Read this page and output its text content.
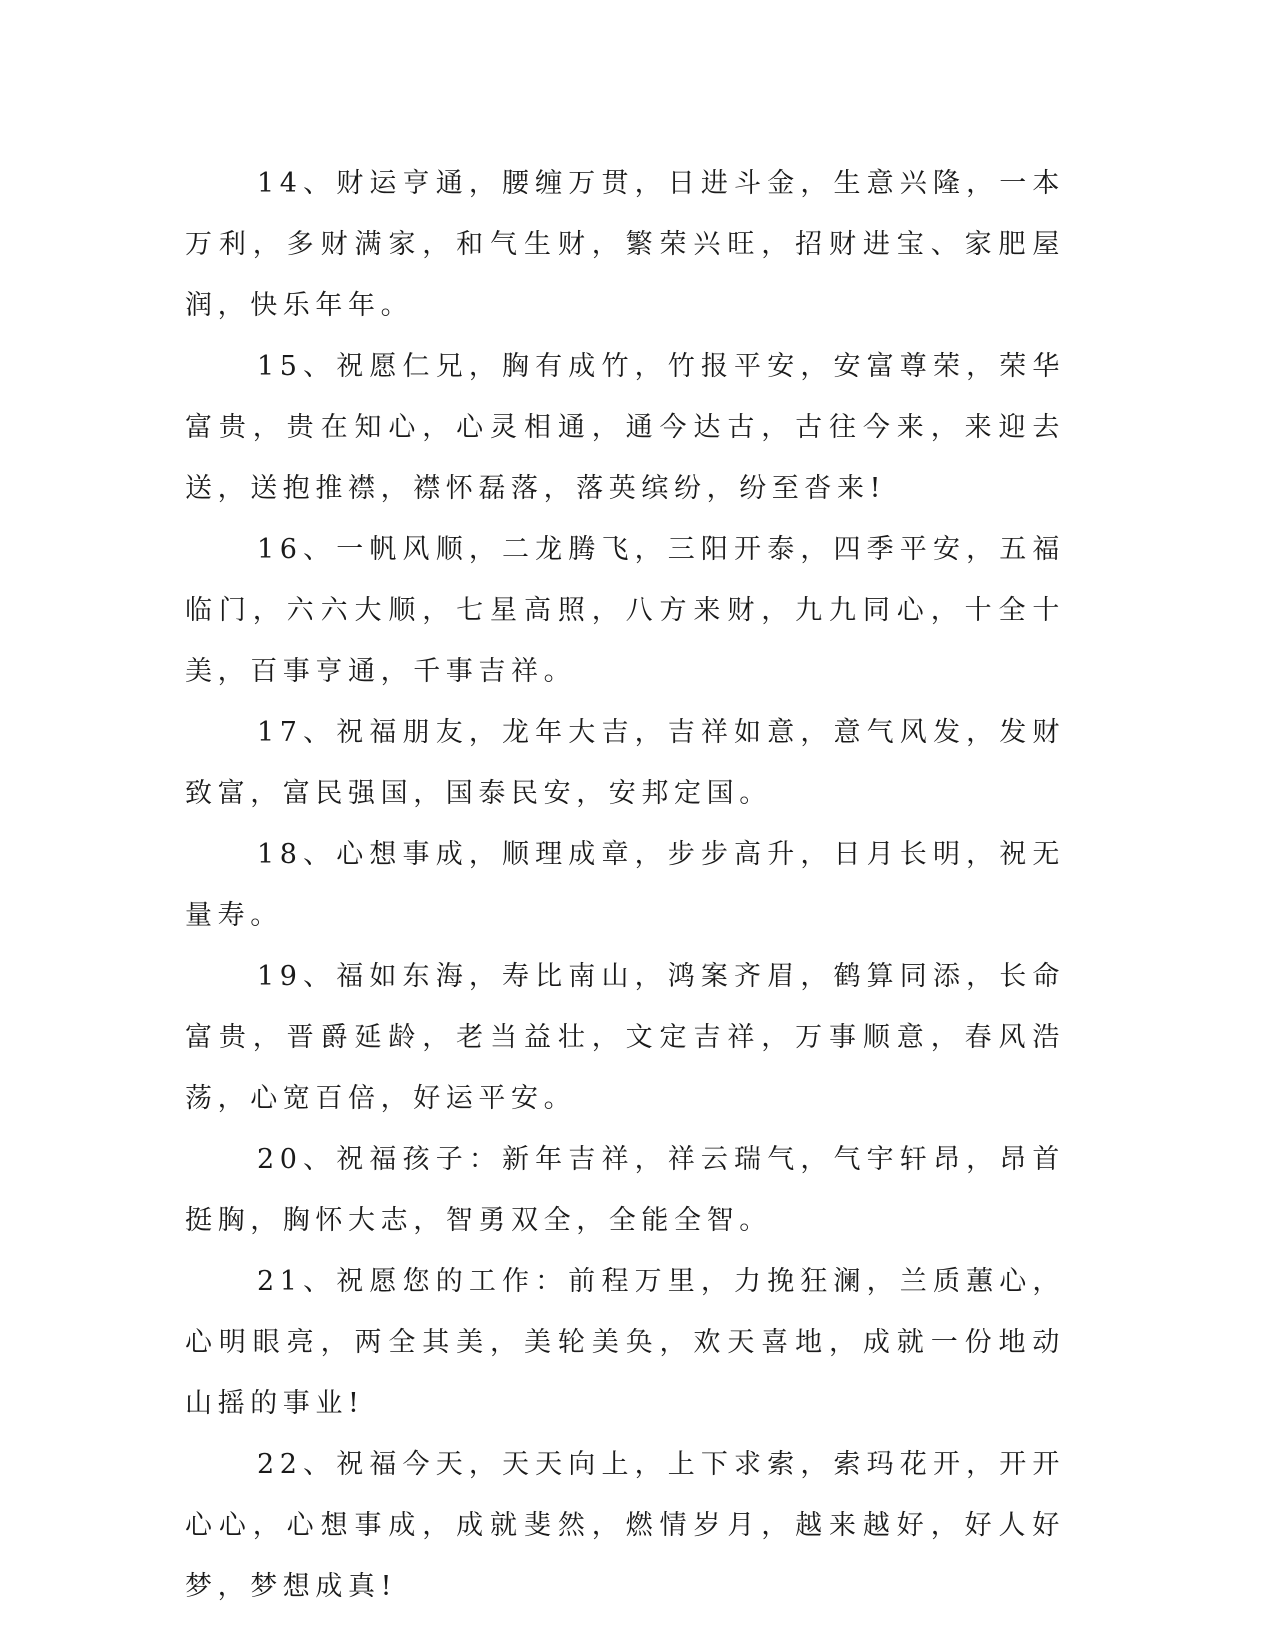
14、财运亨通，腰缠万贯，日进斗金，生意兴隆，一本万利，多财满家，和气生财，繁荣兴旺，招财进宝、家肥屋润，快乐年年。

15、祝愿仁兄，胸有成竹，竹报平安，安富尊荣，荣华富贵，贵在知心，心灵相通，通今达古，古往今来，来迎去送，送抱推襟，襟怀磊落，落英缤纷，纷至沓来!

16、一帆风顺，二龙腾飞，三阳开泰，四季平安，五福临门，六六大顺，七星高照，八方来财，九九同心，十全十美，百事亨通，千事吉祥。

17、祝福朋友，龙年大吉，吉祥如意，意气风发，发财致富，富民强国，国泰民安，安邦定国。

18、心想事成，顺理成章，步步高升，日月长明，祝无量寿。

19、福如东海，寿比南山，鸿案齐眉，鹤算同添，长命富贵，晋爵延龄，老当益壮，文定吉祥，万事顺意，春风浩荡，心宽百倍，好运平安。

20、祝福孩子：新年吉祥，祥云瑞气，气宇轩昂，昂首挺胸，胸怀大志，智勇双全，全能全智。

21、祝愿您的工作：前程万里，力挽狂澜，兰质蕙心，心明眼亮，两全其美，美轮美奂，欢天喜地，成就一份地动山摇的事业!

22、祝福今天，天天向上，上下求索，索玛花开，开开心心，心想事成，成就斐然，燃情岁月，越来越好，好人好梦，梦想成真!
